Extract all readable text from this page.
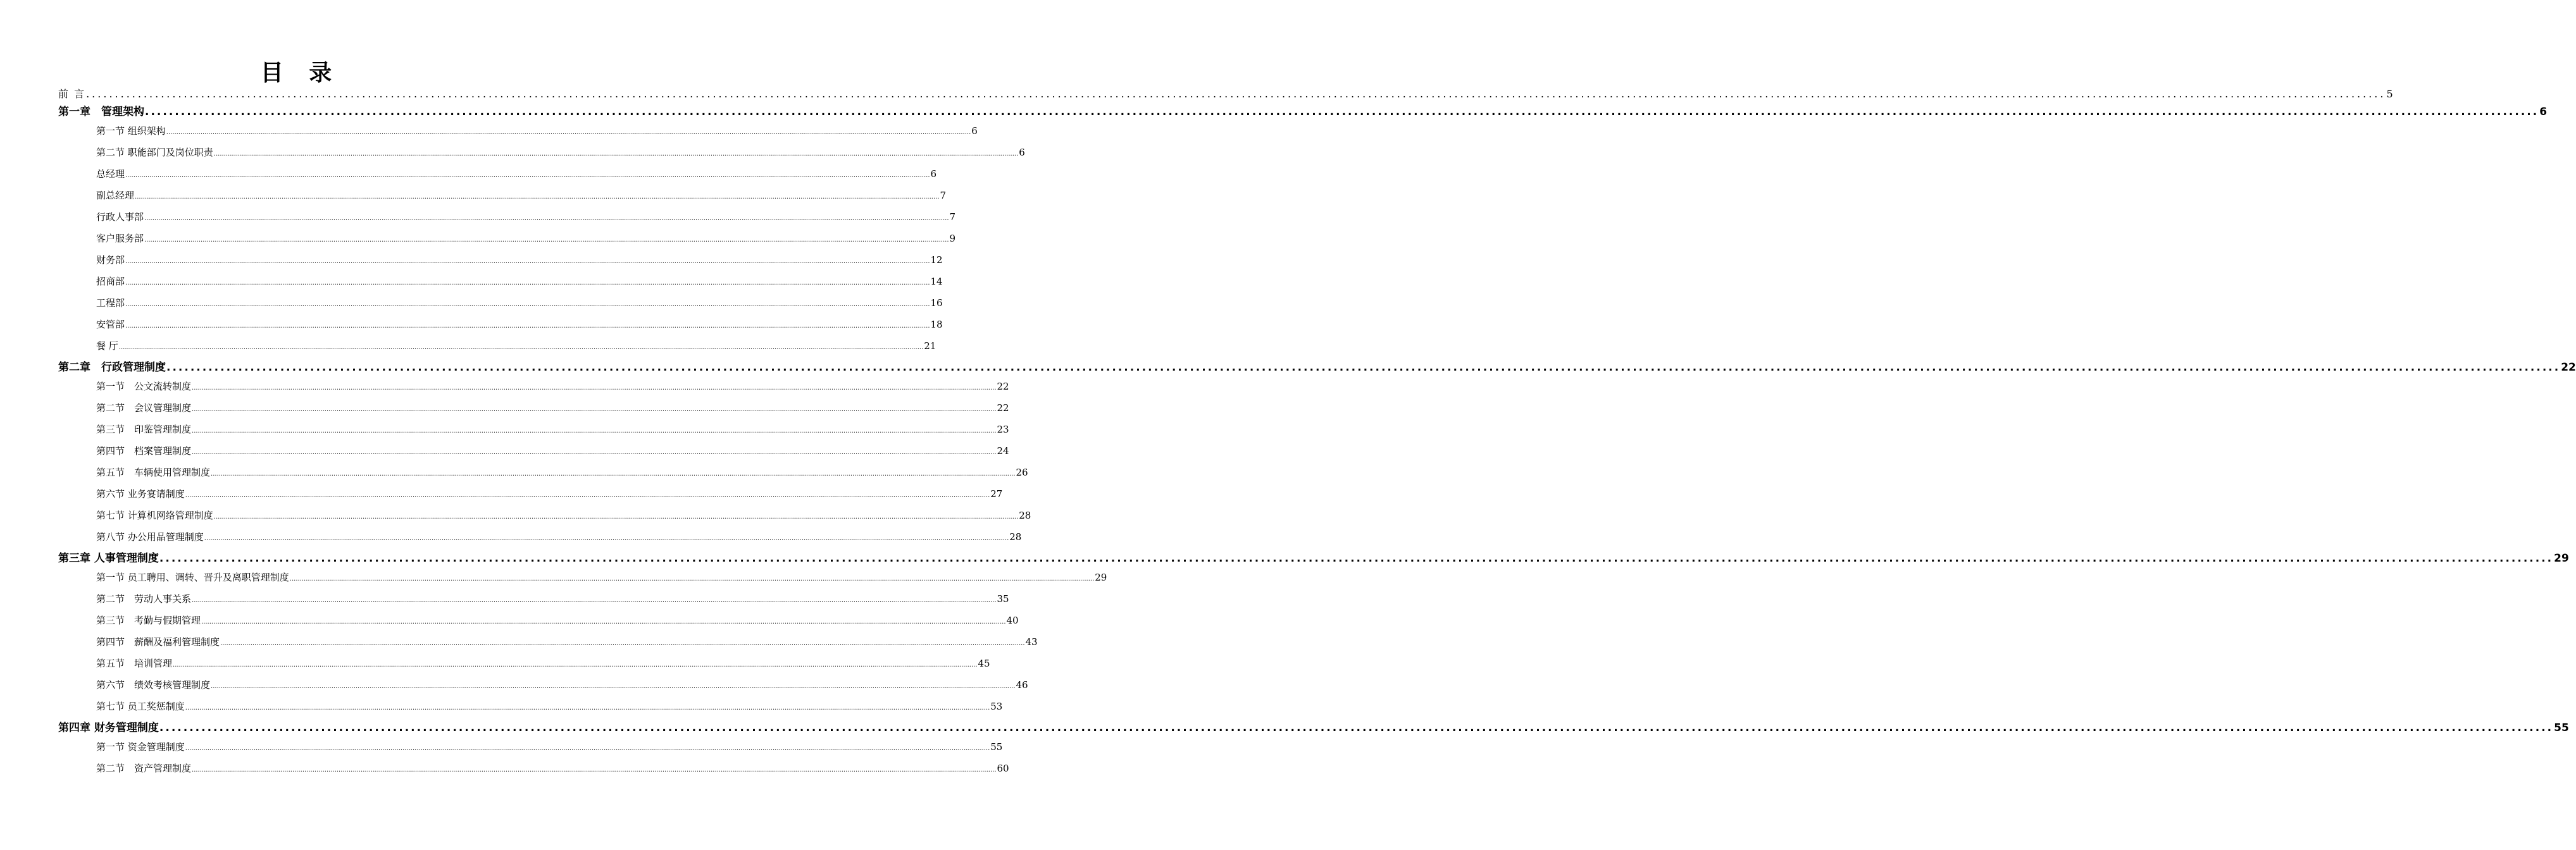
目 录
前 言 ................................................................................................................................................................................................................................................................................................................................................................................................................ 5
第一章　管理架构 ................................................................................................................................................................................................................................................................................................................................................................................................................ 6
第一节 组织架构 ................................................................................................................................................................................................................................................................................................................................................................................................................ 6
第二节 职能部门及岗位职责 ................................................................................................................................................................................................................................................................................................................................................................................................................ 6
总经理 ................................................................................................................................................................................................................................................................................................................................................................................................................ 6
副总经理 ................................................................................................................................................................................................................................................................................................................................................................................................................ 7
行政人事部 ................................................................................................................................................................................................................................................................................................................................................................................................................ 7
客户服务部 ................................................................................................................................................................................................................................................................................................................................................................................................................ 9
财务部 ................................................................................................................................................................................................................................................................................................................................................................................................................ 12
招商部 ................................................................................................................................................................................................................................................................................................................................................................................................................ 14
工程部 ................................................................................................................................................................................................................................................................................................................................................................................................................ 16
安管部 ................................................................................................................................................................................................................................................................................................................................................................................................................ 18
餐 厅 ................................................................................................................................................................................................................................................................................................................................................................................................................ 21
第二章　行政管理制度 ................................................................................................................................................................................................................................................................................................................................................................................................................ 22
第一节　公文流转制度 ................................................................................................................................................................................................................................................................................................................................................................................................................ 22
第二节　会议管理制度 ................................................................................................................................................................................................................................................................................................................................................................................................................ 22
第三节　印鉴管理制度 ................................................................................................................................................................................................................................................................................................................................................................................................................ 23
第四节　档案管理制度 ................................................................................................................................................................................................................................................................................................................................................................................................................ 24
第五节　车辆使用管理制度 ................................................................................................................................................................................................................................................................................................................................................................................................................ 26
第六节 业务宴请制度 ................................................................................................................................................................................................................................................................................................................................................................................................................ 27
第七节 计算机网络管理制度 ................................................................................................................................................................................................................................................................................................................................................................................................................ 28
第八节 办公用品管理制度 ................................................................................................................................................................................................................................................................................................................................................................................................................ 28
第三章 人事管理制度 ................................................................................................................................................................................................................................................................................................................................................................................................................ 29
第一节 员工聘用、调转、晋升及离职管理制度 ................................................................................................................................................................................................................................................................................................................................................................................................................ 29
第二节　劳动人事关系 ................................................................................................................................................................................................................................................................................................................................................................................................................ 35
第三节　考勤与假期管理 ................................................................................................................................................................................................................................................................................................................................................................................................................ 40
第四节　薪酬及福利管理制度 ................................................................................................................................................................................................................................................................................................................................................................................................................ 43
第五节　培训管理 ................................................................................................................................................................................................................................................................................................................................................................................................................ 45
第六节　绩效考核管理制度 ................................................................................................................................................................................................................................................................................................................................................................................................................ 46
第七节 员工奖惩制度 ................................................................................................................................................................................................................................................................................................................................................................................................................ 53
第四章 财务管理制度 ................................................................................................................................................................................................................................................................................................................................................................................................................ 55
第一节 资金管理制度 ................................................................................................................................................................................................................................................................................................................................................................................................................ 55
第二节　资产管理制度 ................................................................................................................................................................................................................................................................................................................................................................................................................ 60
